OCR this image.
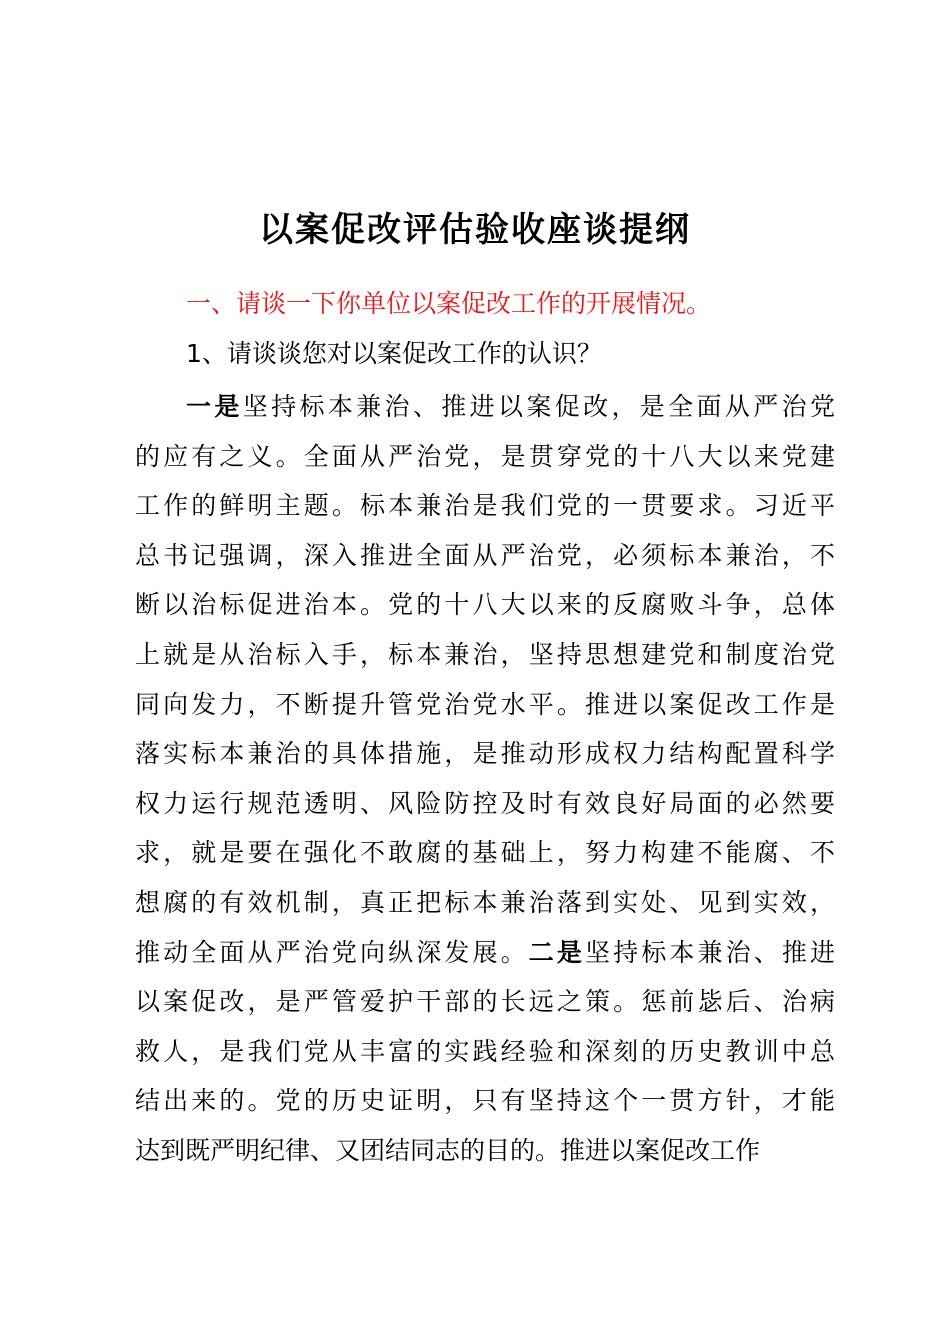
以案促改评估验收座谈提纲

一、请谈一下你单位以案促改工作的开展情况。

1、请谈谈您对以案促改工作的认识？

一是坚持标本兼治、推进以案促改，是全面从严治党
的应有之义。全面从严治党，是贯穿党的十八大以来党建
工作的鲜明主题。标本兼治是我们党的一贯要求。习近平
总书记强调，深入推进全面从严治党，必须标本兼治，不
断以治标促进治本。党的十八大以来的反腐败斗争，总体
上就是从治标入手，标本兼治，坚持思想建党和制度治党
同向发力，不断提升管党治党水平。推进以案促改工作是
落实标本兼治的具体措施，是推动形成权力结构配置科学
权力运行规范透明、风险防控及时有效良好局面的必然要
求，就是要在强化不敢腐的基础上，努力构建不能腐、不
想腐的有效机制，真正把标本兼治落到实处、见到实效，
推动全面从严治党向纵深发展。二是坚持标本兼治、推进
以案促改，是严管爱护干部的长远之策。惩前毖后、治病
救人，是我们党从丰富的实践经验和深刻的历史教训中总
结出来的。党的历史证明，只有坚持这个一贯方针，才能
达到既严明纪律、又团结同志的目的。推进以案促改工作
